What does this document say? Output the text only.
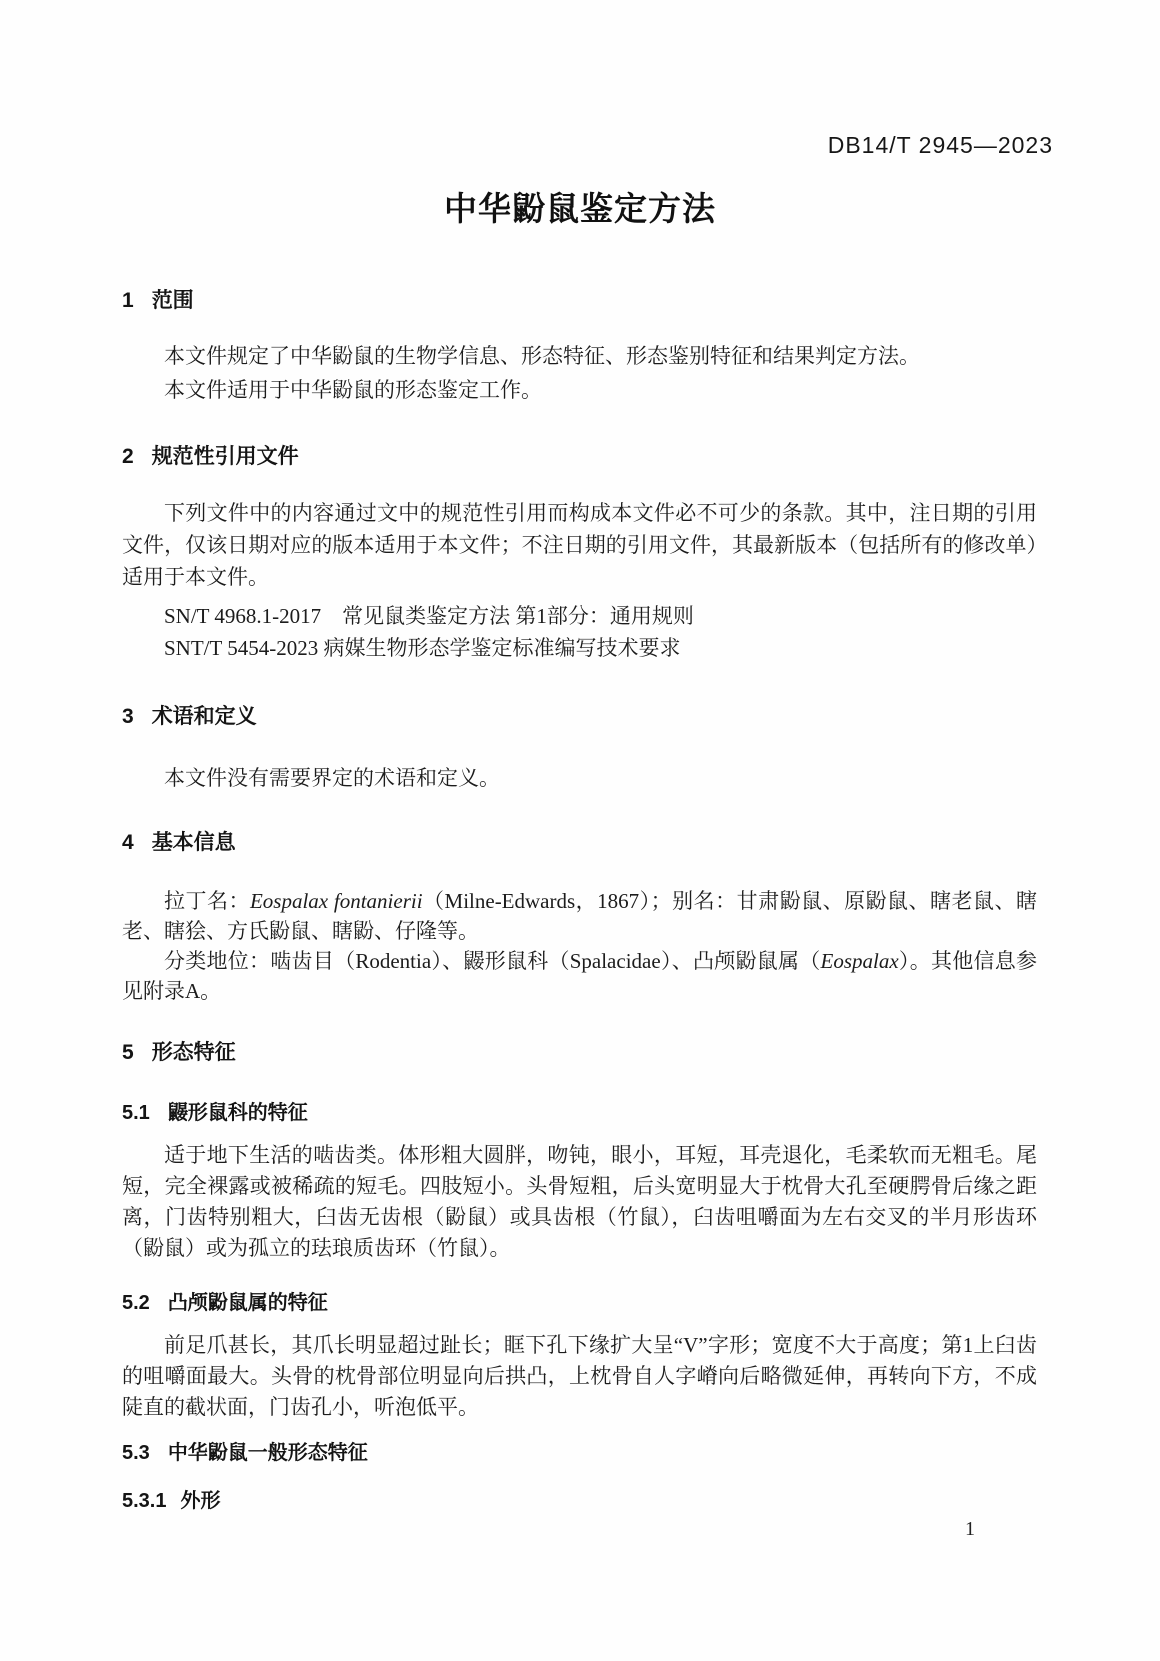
DB14/T 2945—2023
中华鼢鼠鉴定方法
1 范围

本文件规定了中华鼢鼠的生物学信息、形态特征、形态鉴别特征和结果判定方法。

本文件适用于中华鼢鼠的形态鉴定工作。

2 规范性引用文件

下列文件中的内容通过文中的规范性引用而构成本文件必不可少的条款。其中，注日期的引用文件，仅该日期对应的版本适用于本文件；不注日期的引用文件，其最新版本（包括所有的修改单）适用于本文件。

SN/T 4968.1-2017　常见鼠类鉴定方法 第1部分：通用规则
SNT/T 5454-2023 病媒生物形态学鉴定标准编写技术要求
3 术语和定义

本文件没有需要界定的术语和定义。

4 基本信息

拉丁名：Eospalax fontanierii（Milne-Edwards，1867）；别名：甘肃鼢鼠、原鼢鼠、瞎老鼠、瞎老、瞎狯、方氏鼢鼠、瞎鼢、仔隆等。

分类地位：啮齿目（Rodentia）、鼹形鼠科（Spalacidae）、凸颅鼢鼠属（Eospalax）。其他信息参见附录A。

5 形态特征
5.1 鼹形鼠科的特征

适于地下生活的啮齿类。体形粗大圆胖，吻钝，眼小，耳短，耳壳退化，毛柔软而无粗毛。尾短，完全裸露或被稀疏的短毛。四肢短小。头骨短粗，后头宽明显大于枕骨大孔至硬腭骨后缘之距离，门齿特别粗大，臼齿无齿根（鼢鼠）或具齿根（竹鼠），臼齿咀嚼面为左右交叉的半月形齿环（鼢鼠）或为孤立的珐琅质齿环（竹鼠）。

5.2 凸颅鼢鼠属的特征

前足爪甚长，其爪长明显超过趾长；眶下孔下缘扩大呈“V”字形；宽度不大于高度；第1上臼齿的咀嚼面最大。头骨的枕骨部位明显向后拱凸，上枕骨自人字嵴向后略微延伸，再转向下方，不成陡直的截状面，门齿孔小，听泡低平。

5.3 中华鼢鼠一般形态特征
5.3.1 外形
1
